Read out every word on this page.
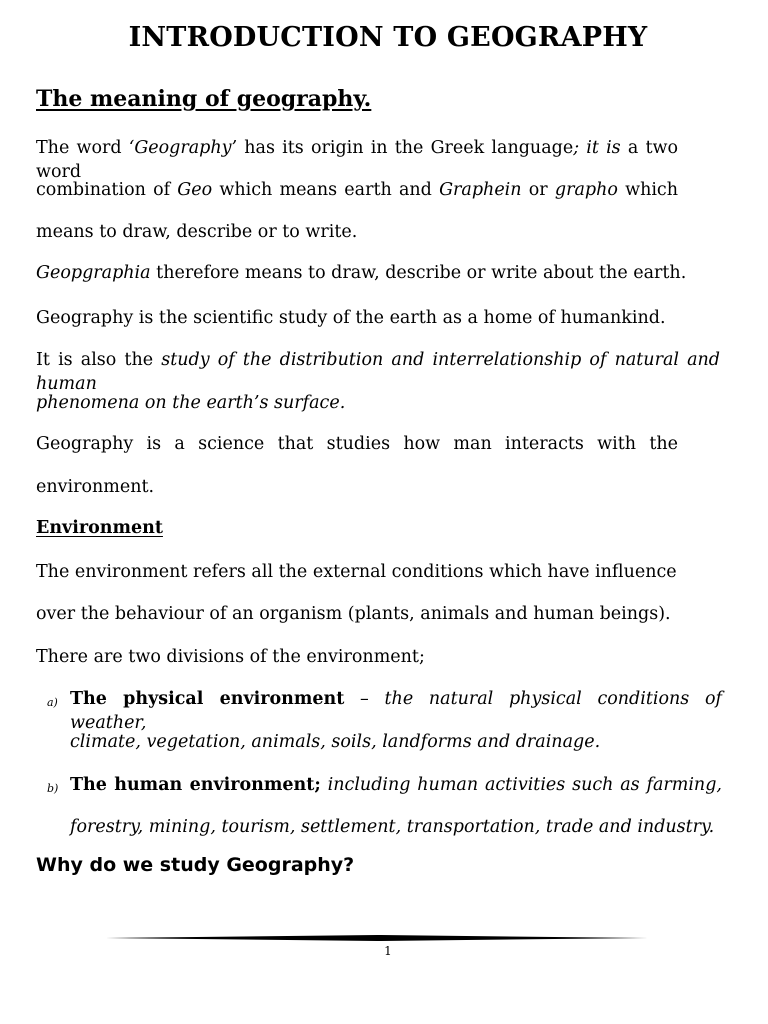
INTRODUCTION TO GEOGRAPHY
The meaning of geography.
The word ‘Geography’ has its origin in the Greek language; it is a two word
combination of Geo which means earth and Graphein or grapho which
means to draw, describe or to write.
Geopgraphia therefore means to draw, describe or write about the earth.
Geography is the scientific study of the earth as a home of humankind.
It is also the study of the distribution and interrelationship of natural and human
phenomena on the earth’s surface.
Geography is a science that studies how man interacts with the
environment.
Environment
The environment refers all the external conditions which have influence
over the behaviour of an organism (plants, animals and human beings).
There are two divisions of the environment;
a) The physical environment – the natural physical conditions of weather,
climate, vegetation, animals, soils, landforms and drainage.
b) The human environment; including human activities such as farming,
forestry, mining, tourism, settlement, transportation, trade and industry.
Why do we study Geography?
1
